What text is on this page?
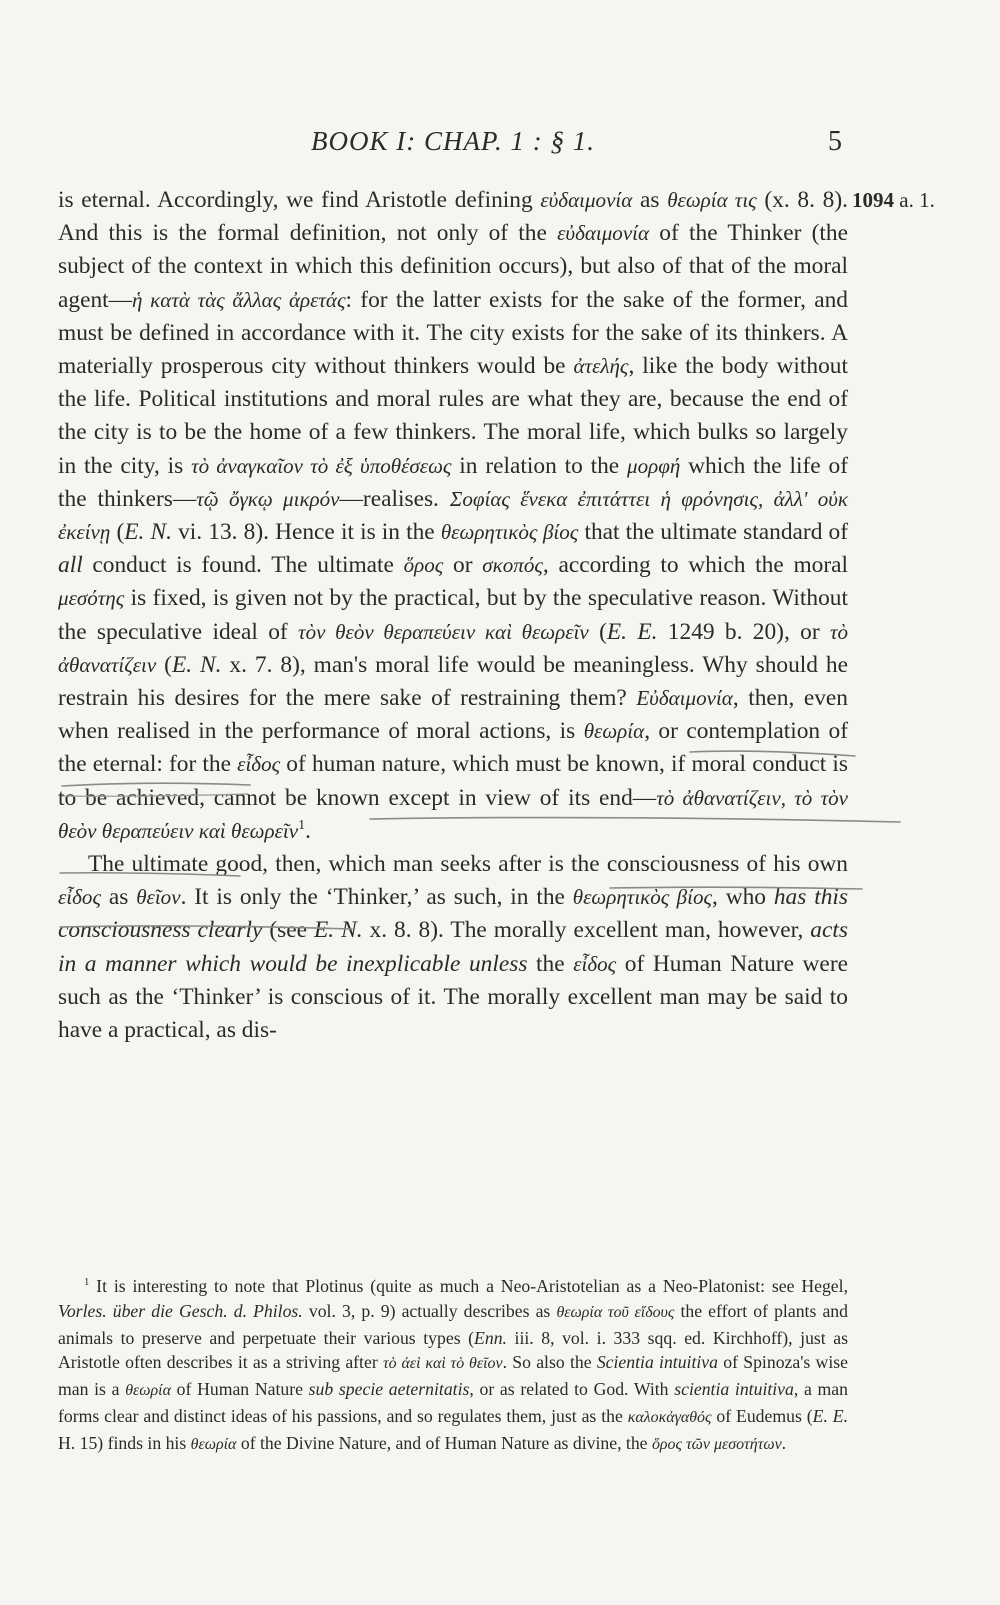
BOOK I: CHAP. 1 : § 1.	5
1094 a. 1.

is eternal. Accordingly, we find Aristotle defining εὐδαιμονία as θεωρία τις (x. 8. 8). And this is the formal definition, not only of the εὐδαιμονία of the Thinker (the subject of the context in which this definition occurs), but also of that of the moral agent—ἡ κατὰ τὰς ἄλλας ἀρετάς: for the latter exists for the sake of the former, and must be defined in accordance with it. The city exists for the sake of its thinkers. A materially prosperous city without thinkers would be ἀτελής, like the body without the life. Political institutions and moral rules are what they are, because the end of the city is to be the home of a few thinkers. The moral life, which bulks so largely in the city, is τὸ ἀναγκαῖον τὸ ἐξ ὑποθέσεως in relation to the μορφή which the life of the thinkers—τῷ ὄγκῳ μικρόν—realises. Σοφίας ἕνεκα ἐπιτάττει ἡ φρόνησις, ἀλλ' οὐκ ἐκείνῃ (E. N. vi. 13. 8). Hence it is in the θεωρητικὸς βίος that the ultimate standard of all conduct is found. The ultimate ὅρος or σκοπός, according to which the moral μεσότης is fixed, is given not by the practical, but by the speculative reason. Without the speculative ideal of τὸν θεὸν θεραπεύειν καὶ θεωρεῖν (E. E. 1249 b. 20), or τὸ ἀθανατίζειν (E. N. x. 7. 8), man's moral life would be meaningless. Why should he restrain his desires for the mere sake of restraining them? Εὐδαιμονία, then, even when realised in the performance of moral actions, is θεωρία, or contemplation of the eternal: for the εἶδος of human nature, which must be known, if moral conduct is to be achieved, cannot be known except in view of its end—τὸ ἀθανατίζειν, τὸ τὸν θεὸν θεραπεύειν καὶ θεωρεῖν$^1$.

The ultimate good, then, which man seeks after is the consciousness of his own εἶδος as θεῖον. It is only the ‘Thinker,’ as such, in the θεωρητικὸς βίος, who has this consciousness clearly (see E. N. x. 8. 8). The morally excellent man, however, acts in a manner which would be inexplicable unless the εἶδος of Human Nature were such as the ‘Thinker’ is conscious of it. The morally excellent man may be said to have a practical, as dis-

$^1$ It is interesting to note that Plotinus (quite as much a Neo-Aristotelian as a Neo-Platonist: see Hegel, Vorles. über die Gesch. d. Philos. vol. 3, p. 9) actually describes as θεωρία τοῦ εἴδους the effort of plants and animals to preserve and perpetuate their various types (Enn. iii. 8, vol. i. 333 sqq. ed. Kirchhoff), just as Aristotle often describes it as a striving after τὸ ἀεὶ καὶ τὸ θεῖον. So also the Scientia intuitiva of Spinoza's wise man is a θεωρία of Human Nature sub specie aeternitatis, or as related to God. With scientia intuitiva, a man forms clear and distinct ideas of his passions, and so regulates them, just as the καλοκἀγαθός of Eudemus (E. E. H. 15) finds in his θεωρία of the Divine Nature, and of Human Nature as divine, the ὅρος τῶν μεσοτήτων.
